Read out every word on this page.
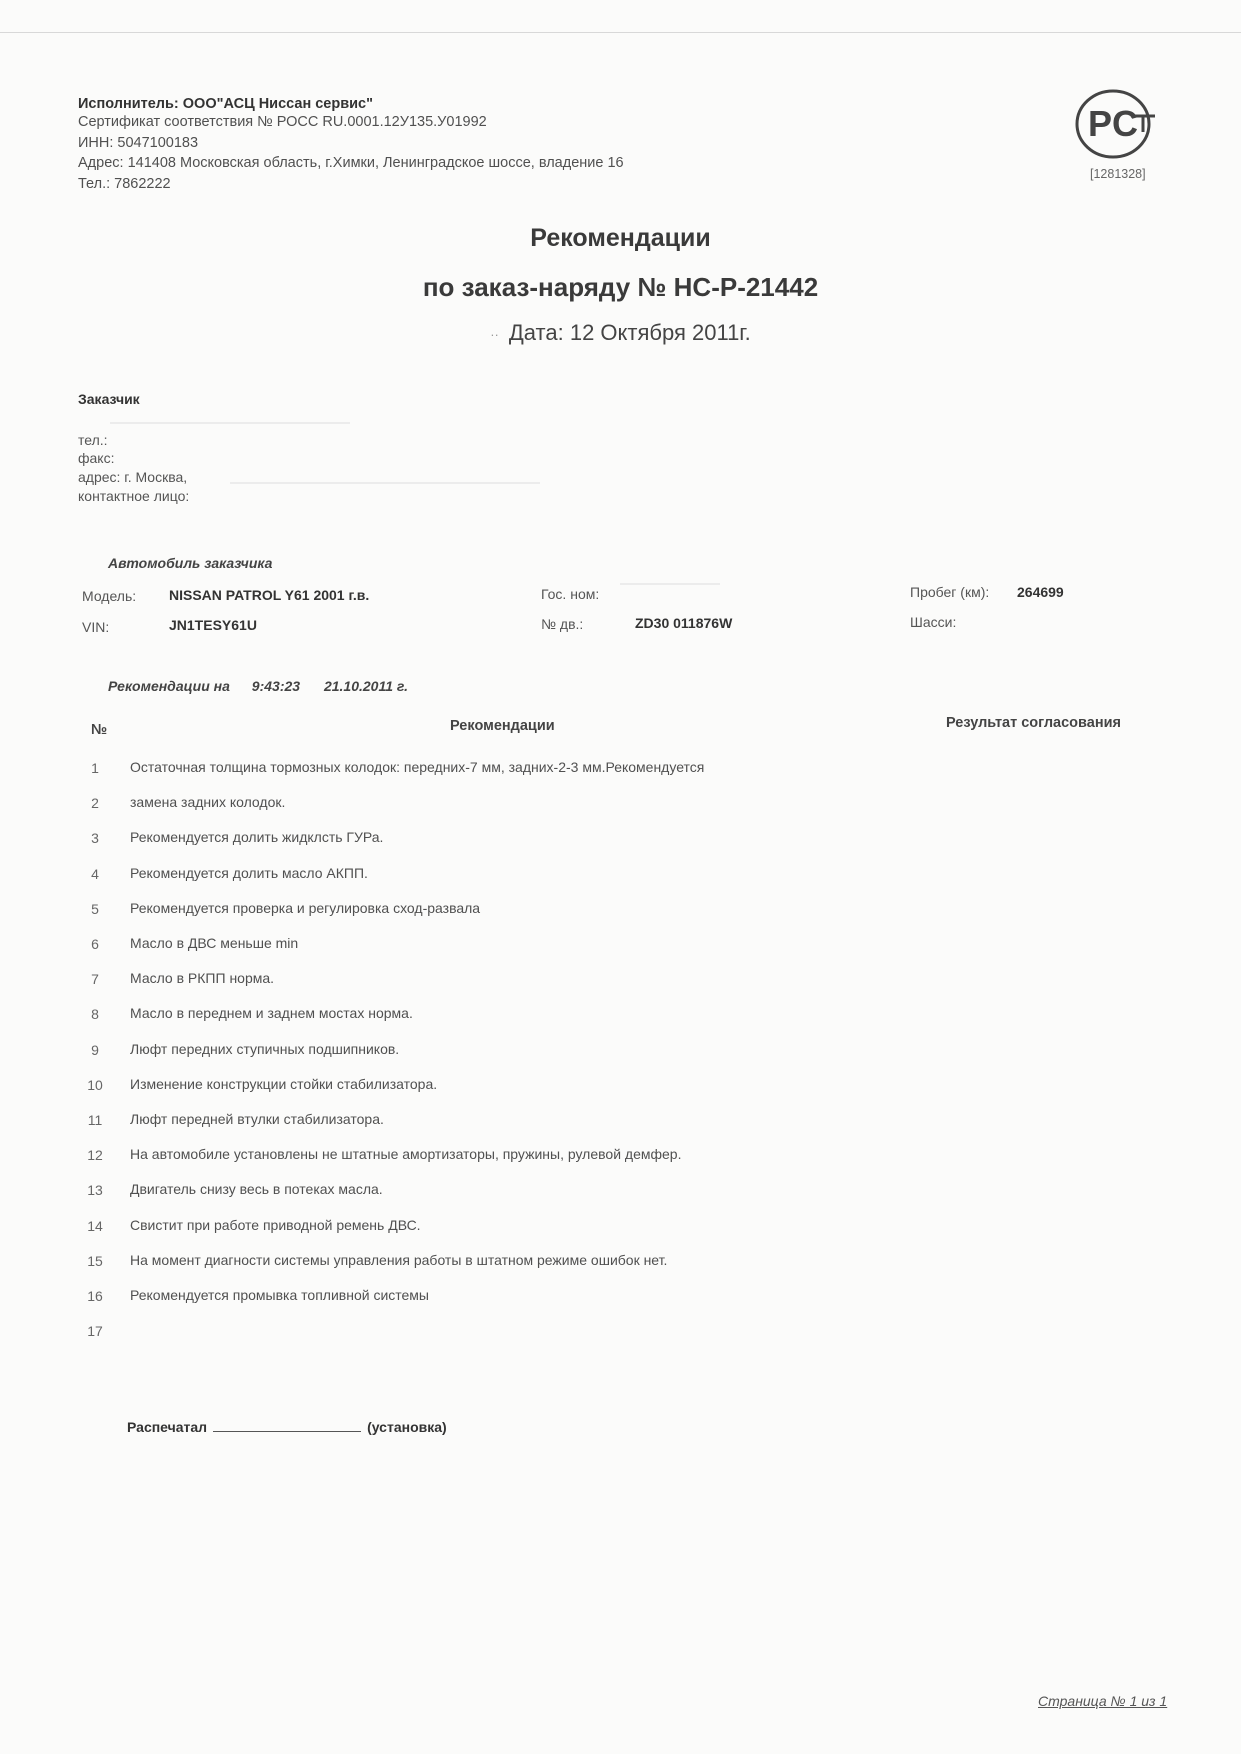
Исполнитель: ООО"АСЦ Ниссан сервис"
Сертификат соответствия № РОСС RU.0001.12У135.У01992
ИНН: 5047100183
Адрес: 141408 Московская область, г.Химки, Ленинградское шоссе, владение 16
Тел.: 7862222
PC
[1281328]
Рекомендации
по заказ-наряду № НС-Р-21442
·· Дата: 12 Октября 2011г.
Заказчик
тел.:
факс:
адрес: г. Москва,
контактное лицо:
Автомобиль заказчика
Модель: NISSAN PATROL Y61 2001 г.в.
VIN:	JN1TESY61U
Гос. ном:
№ дв.:	ZD30 011876W
Пробег (км): 264699
Шасси:
Рекомендации на 9:43:23 21.10.2011 г.
№	Рекомендации	Результат согласования
1	Остаточная толщина тормозных колодок: передних-7 мм, задних-2-3 мм.Рекомендуется
2	замена задних колодок.
3	Рекомендуется долить жидклсть ГУРа.
4	Рекомендуется долить масло АКПП.
5	Рекомендуется проверка и регулировка сход-развала
6	Масло в ДВС меньше min
7	Масло в РКПП норма.
8	Масло в переднем и заднем мостах норма.
9	Люфт передних ступичных подшипников.
10	Изменение конструкции стойки стабилизатора.
11	Люфт передней втулки стабилизатора.
12	На автомобиле установлены не штатные амортизаторы, пружины, рулевой демфер.
13	Двигатель снизу весь в потеках масла.
14	Свистит при работе приводной ремень ДВС.
15	На момент диагности системы управления работы в штатном режиме ошибок нет.
16	Рекомендуется промывка топливной системы
17
Распечатал	(установка)
Страница № 1 из 1
